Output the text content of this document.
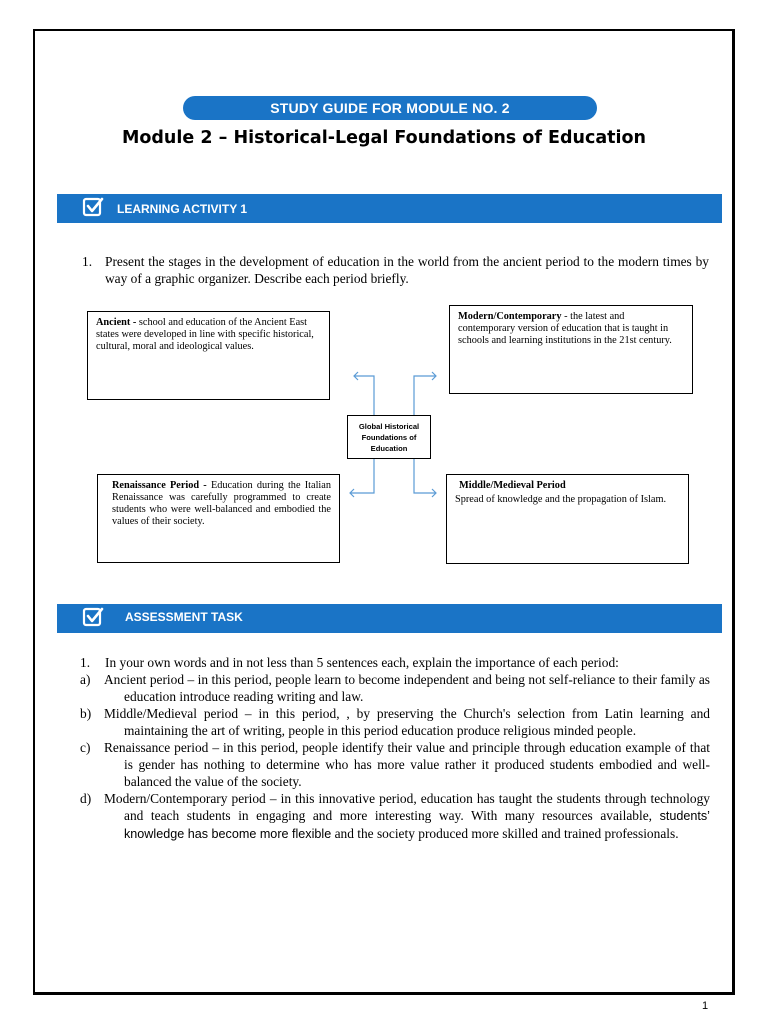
STUDY GUIDE FOR MODULE NO. 2
Module 2 – Historical-Legal Foundations of Education
LEARNING ACTIVITY 1
1. Present the stages in the development of education in the world from the ancient period to the modern times by way of a graphic organizer. Describe each period briefly.
Ancient - school and education of the Ancient East states were developed in line with specific historical, cultural, moral and ideological values.
Modern/Contemporary - the latest and contemporary version of education that is taught in schools and learning institutions in the 21st century.
Global Historical Foundations of Education
Renaissance Period - Education during the Italian Renaissance was carefully programmed to create students who were well-balanced and embodied the values of their society.
Middle/Medieval Period
Spread of knowledge and the propagation of Islam.
ASSESSMENT TASK
1. In your own words and in not less than 5 sentences each, explain the importance of each period:
a) Ancient period – in this period, people learn to become independent and being not self-reliance to their family as education introduce reading writing and law.
b) Middle/Medieval period – in this period, , by preserving the Church's selection from Latin learning and maintaining the art of writing, people in this period education produce religious minded people.
c) Renaissance period – in this period, people identify their value and principle through education example of that is gender has nothing to determine who has more value rather it produced students embodied and well-balanced the value of the society.
d) Modern/Contemporary period – in this innovative period, education has taught the students through technology and teach students in engaging and more interesting way. With many resources available, students’ knowledge has become more flexible and the society produced more skilled and trained professionals.
1
